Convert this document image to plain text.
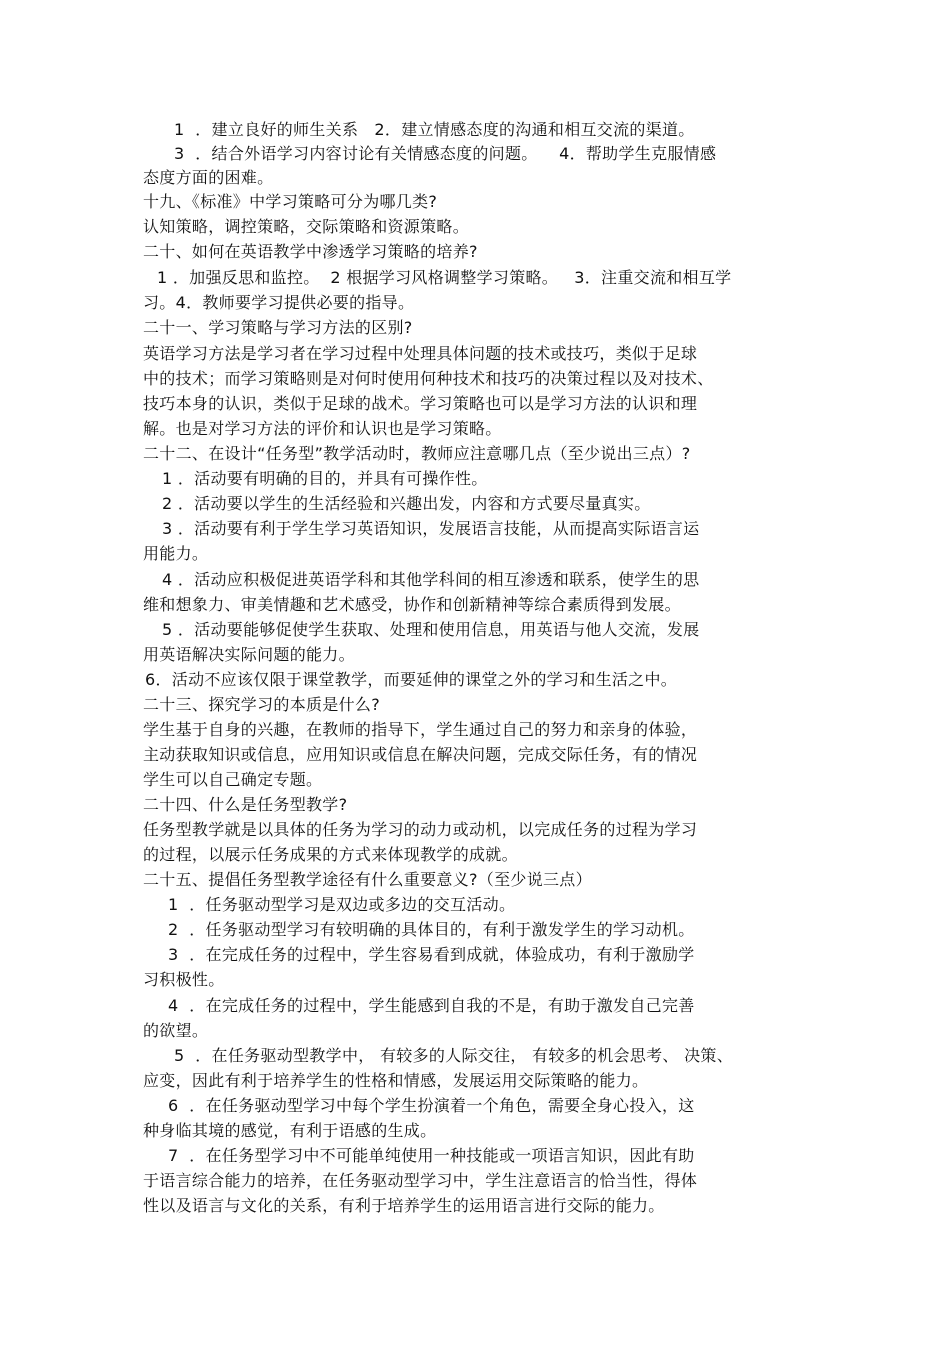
1  ．建立良好的师生关系   2．建立情感态度的沟通和相互交流的渠道。
3  ．结合外语学习内容讨论有关情感态度的问题。    4．帮助学生克服情感
态度方面的困难。
十九、《标准》中学习策略可分为哪几类?
认知策略，调控策略，交际策略和资源策略。
二十、如何在英语教学中渗透学习策略的培养?
1 ．加强反思和监控。  2 根据学习风格调整学习策略。   3．注重交流和相互学
习。4．教师要学习提供必要的指导。
二十一、学习策略与学习方法的区别?
英语学习方法是学习者在学习过程中处理具体问题的技术或技巧，类似于足球
中的技术；而学习策略则是对何时使用何种技术和技巧的决策过程以及对技术、
技巧本身的认识，类似于足球的战术。学习策略也可以是学习方法的认识和理
解。也是对学习方法的评价和认识也是学习策略。
二十二、在设计“任务型”教学活动时，教师应注意哪几点（至少说出三点）?
1 ．活动要有明确的目的，并具有可操作性。
2 ．活动要以学生的生活经验和兴趣出发，内容和方式要尽量真实。
3 ．活动要有利于学生学习英语知识，发展语言技能，从而提高实际语言运
用能力。
4 ．活动应积极促进英语学科和其他学科间的相互渗透和联系，使学生的思
维和想象力、审美情趣和艺术感受，协作和创新精神等综合素质得到发展。
5 ．活动要能够促使学生获取、处理和使用信息，用英语与他人交流，发展
用英语解决实际问题的能力。
6．活动不应该仅限于课堂教学，而要延伸的课堂之外的学习和生活之中。
二十三、探究学习的本质是什么?
学生基于自身的兴趣，在教师的指导下，学生通过自己的努力和亲身的体验，
主动获取知识或信息，应用知识或信息在解决问题，完成交际任务，有的情况
学生可以自己确定专题。
二十四、什么是任务型教学?
任务型教学就是以具体的任务为学习的动力或动机，以完成任务的过程为学习
的过程，以展示任务成果的方式来体现教学的成就。
二十五、提倡任务型教学途径有什么重要意义?（至少说三点）
1  ．任务驱动型学习是双边或多边的交互活动。
2  ．任务驱动型学习有较明确的具体目的，有利于激发学生的学习动机。
3  ．在完成任务的过程中，学生容易看到成就，体验成功，有利于激励学
习积极性。
4  ．在完成任务的过程中，学生能感到自我的不是，有助于激发自己完善
的欲望。
5  ．在任务驱动型教学中， 有较多的人际交往， 有较多的机会思考、 决策、
应变，因此有利于培养学生的性格和情感，发展运用交际策略的能力。
6  ．在任务驱动型学习中每个学生扮演着一个角色，需要全身心投入，这
种身临其境的感觉，有利于语感的生成。
7  ．在任务型学习中不可能单纯使用一种技能或一项语言知识，因此有助
于语言综合能力的培养，在任务驱动型学习中，学生注意语言的恰当性，得体
性以及语言与文化的关系，有利于培养学生的运用语言进行交际的能力。
